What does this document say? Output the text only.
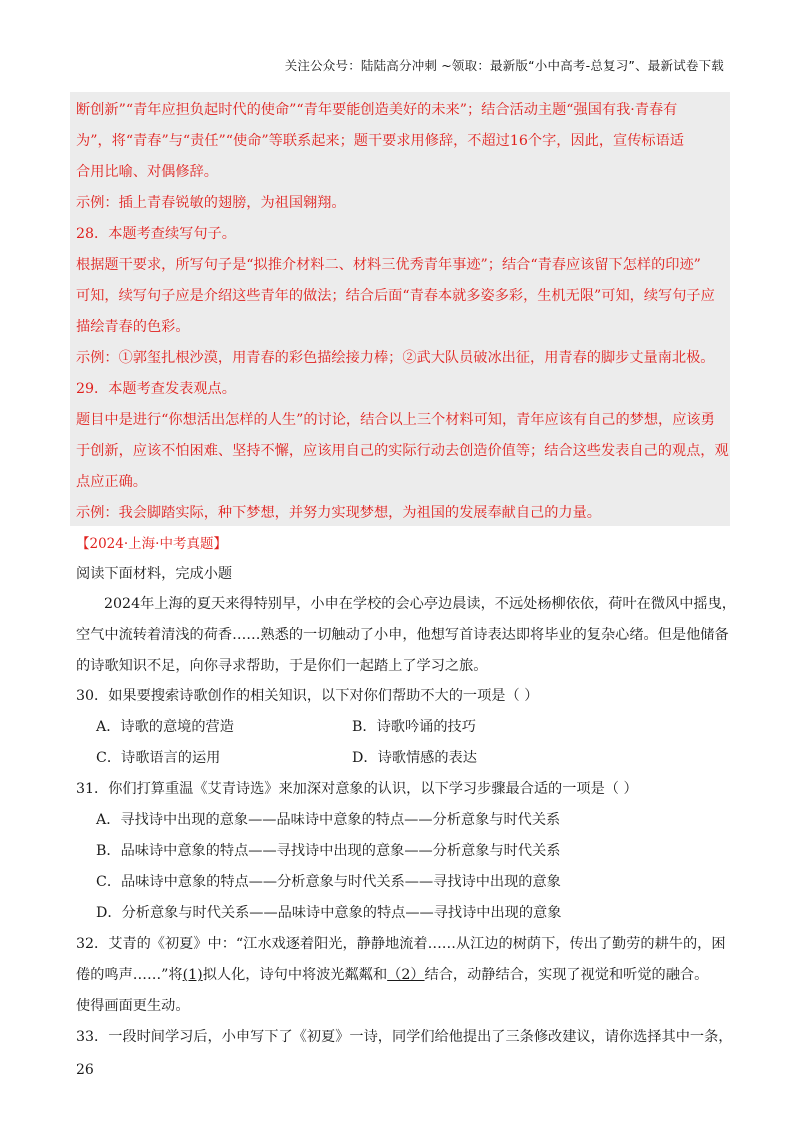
关注公众号：陆陆高分冲刺 ~领取：最新版“小中高考-总复习”、最新试卷下载
断创新”“青年应担负起时代的使命”“青年要能创造美好的未来”；结合活动主题“强国有我·青春有
为”，将“青春”与“责任”“使命”等联系起来；题干要求用修辞，不超过16个字，因此，宣传标语适
合用比喻、对偶修辞。
示例：插上青春锐敏的翅膀，为祖国翱翔。
28．本题考查续写句子。
根据题干要求，所写句子是“拟推介材料二、材料三优秀青年事迹”；结合“青春应该留下怎样的印迹”
可知，续写句子应是介绍这些青年的做法；结合后面“青春本就多姿多彩，生机无限”可知，续写句子应
描绘青春的色彩。
示例：①郭玺扎根沙漠，用青春的彩色描绘接力棒；②武大队员破冰出征，用青春的脚步丈量南北极。
29．本题考查发表观点。
题目中是进行“你想活出怎样的人生”的讨论，结合以上三个材料可知，青年应该有自己的梦想，应该勇
于创新，应该不怕困难、坚持不懈，应该用自己的实际行动去创造价值等；结合这些发表自己的观点，观
点应正确。
示例：我会脚踏实际，种下梦想，并努力实现梦想，为祖国的发展奉献自己的力量。
【2024·上海·中考真题】
阅读下面材料，完成小题
2024年上海的夏天来得特别早，小申在学校的会心亭边晨读，不远处杨柳依依，荷叶在微风中摇曳，
空气中流转着清浅的荷香……熟悉的一切触动了小申，他想写首诗表达即将毕业的复杂心绪。但是他储备
的诗歌知识不足，向你寻求帮助，于是你们一起踏上了学习之旅。
30．如果要搜索诗歌创作的相关知识，以下对你们帮助不大的一项是（ ）
A．诗歌的意境的营造	B．诗歌吟诵的技巧
C．诗歌语言的运用	D．诗歌情感的表达
31．你们打算重温《艾青诗选》来加深对意象的认识，以下学习步骤最合适的一项是（ ）
A．寻找诗中出现的意象——品味诗中意象的特点——分析意象与时代关系
B．品味诗中意象的特点——寻找诗中出现的意象——分析意象与时代关系
C．品味诗中意象的特点——分析意象与时代关系——寻找诗中出现的意象
D．分析意象与时代关系——品味诗中意象的特点——寻找诗中出现的意象
32．艾青的《初夏》中：“江水戏逐着阳光，静静地流着……从江边的树荫下，传出了勤劳的耕牛的，困
倦的鸣声……”将(1)拟人化，诗句中将波光粼粼和（2）结合，动静结合，实现了视觉和听觉的融合。
使得画面更生动。
33．一段时间学习后，小申写下了《初夏》一诗，同学们给他提出了三条修改建议，请你选择其中一条，
26
